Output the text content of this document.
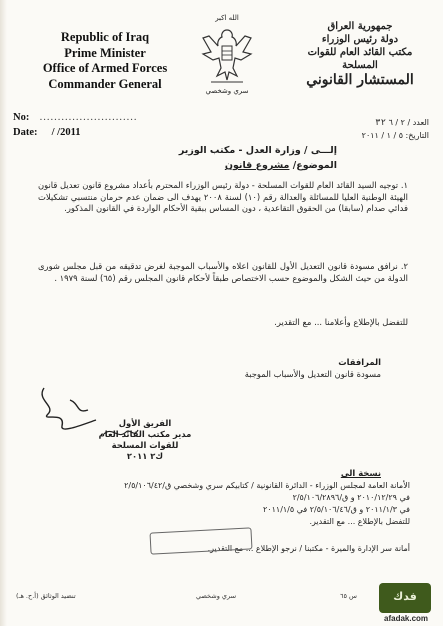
Republic of Iraq
Prime Minister
Office of Armed Forces
Commander General
No: ...........................
Date: / /2011
الله اكبر
سري وشخصي
جمهورية العراق
دولة رئيس الوزراء
مكتب القائد العام للقوات المسلحة
المستشار القانوني
العدد / ٢ / ٦ ٣٢
التاريخ: ٥ / ١ / ٢٠١١
إلـــى / وزارة العدل - مكتب الوزير
الموضوع/ مشروع قانون
١. توجيه السيد القائد العام للقوات المسلحة - دولة رئيس الوزراء المحترم بأعداد مشروع قانون تعديل قانون الهيئة الوطنية العليا للمسائلة والعدالة رقم (١٠) لسنة ٢٠٠٨ يهدف الى ضمان عدم حرمان منتسبي تشكيلات فدائي صدام (سابقا) من الحقوق التقاعدية ، دون المساس ببقية الأحكام الواردة في القانون المذكور.
٢. نرافق مسودة قانون التعديل الأول للقانون اعلاه والأسباب الموجبة لغرض تدقيقه من قبل مجلس شورى الدولة من حيث الشكل والموضوع حسب الاختصاص طبقاً لأحكام قانون المجلس رقم (٦٥) لسنة ١٩٧٩ .
للتفضل بالإطلاع وأعلامنا ... مع التقدير.
المرافقات
مسودة قانون التعديل والأسباب الموجبة
الفريق الأول
مدير مكتب القائد العام
للقوات المسلحة
ك٢ ٢٠١١
نسخة الى
الأمانة العامة لمجلس الوزراء - الدائرة القانونية / كتابيكم سري وشخصي ق/٢/٥/١٠٦/٤٢
في ٢٠١٠/١٢/٢٩ و ق/٢/٥/١٠٦/٢٨٩٦
في ٢٠١١/١/٣ و ق/٢/٥/١٠٦/٤٦ في ٢٠١١/١/٥
للتفضل بالإطلاع ... مع التقدير.
أمانة سر الإدارة والميرة - مكتبنا / نرجو الإطلاع ... مع التقدير.
تنضيد الوثائق (أ.ح. هـ)	سري وشخصي	س ٦٥	فدك
afadak.com
